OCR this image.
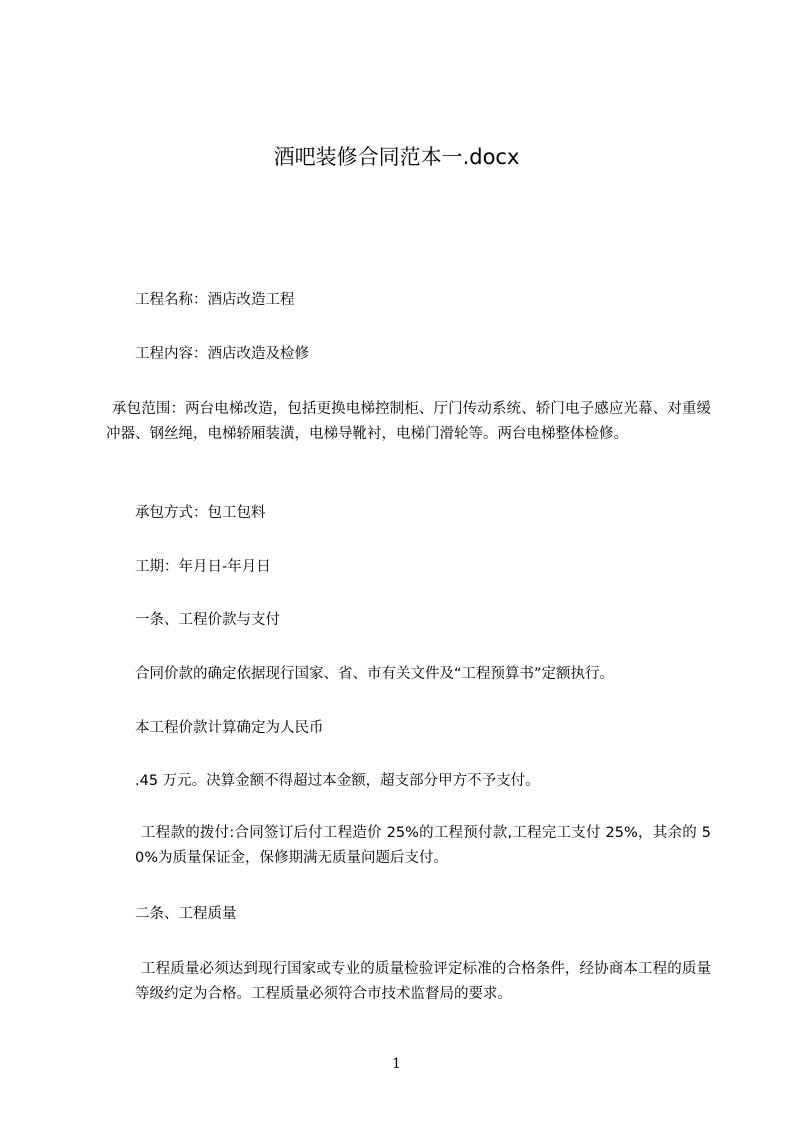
酒吧装修合同范本一.docx
工程名称：酒店改造工程
工程内容：酒店改造及检修
承包范围：两台电梯改造，包括更换电梯控制柜、厅门传动系统、轿门电子感应光幕、对重缓冲器、钢丝绳，电梯轿厢装潢，电梯导靴衬，电梯门滑轮等。两台电梯整体检修。
承包方式：包工包料
工期：年月日-年月日
一条、工程价款与支付
合同价款的确定依据现行国家、省、市有关文件及“工程预算书”定额执行。
本工程价款计算确定为人民币
.45 万元。决算金额不得超过本金额，超支部分甲方不予支付。
工程款的拨付:合同签订后付工程造价 25%的工程预付款,工程完工支付 25%，其余的 50%为质量保证金，保修期满无质量问题后支付。
二条、工程质量
工程质量必须达到现行国家或专业的质量检验评定标准的合格条件，经协商本工程的质量等级约定为合格。工程质量必须符合市技术监督局的要求。
1
